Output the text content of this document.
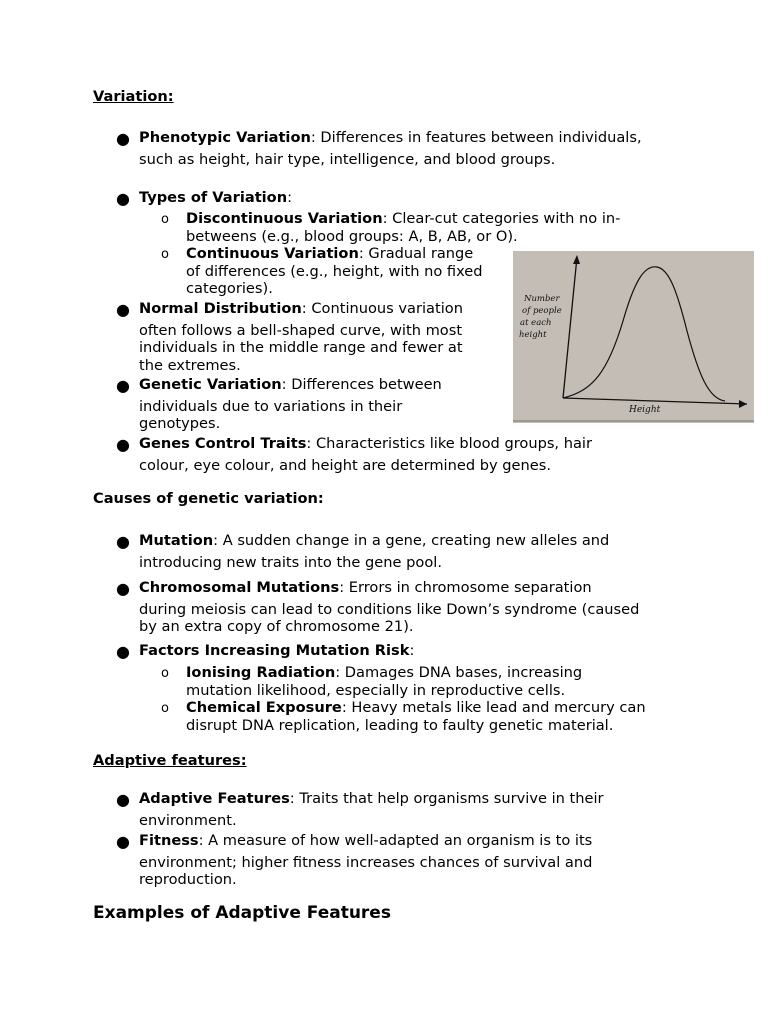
Variation:
● Phenotypic Variation: Differences in features between individuals,
such as height, hair type, intelligence, and blood groups.
● Types of Variation:
o Discontinuous Variation: Clear-cut categories with no in-
betweens (e.g., blood groups: A, B, AB, or O).
o Continuous Variation: Gradual range
of differences (e.g., height, with no fixed
categories).
● Normal Distribution: Continuous variation
often follows a bell-shaped curve, with most
individuals in the middle range and fewer at
the extremes.
● Genetic Variation: Differences between
individuals due to variations in their
genotypes.
● Genes Control Traits: Characteristics like blood groups, hair
colour, eye colour, and height are determined by genes.
Number of people at each height
Height
Causes of genetic variation:
● Mutation: A sudden change in a gene, creating new alleles and
introducing new traits into the gene pool.
● Chromosomal Mutations: Errors in chromosome separation
during meiosis can lead to conditions like Down’s syndrome (caused
by an extra copy of chromosome 21).
● Factors Increasing Mutation Risk:
o Ionising Radiation: Damages DNA bases, increasing
mutation likelihood, especially in reproductive cells.
o Chemical Exposure: Heavy metals like lead and mercury can
disrupt DNA replication, leading to faulty genetic material.
Adaptive features:
● Adaptive Features: Traits that help organisms survive in their
environment.
● Fitness: A measure of how well-adapted an organism is to its
environment; higher fitness increases chances of survival and
reproduction.
Examples of Adaptive Features
